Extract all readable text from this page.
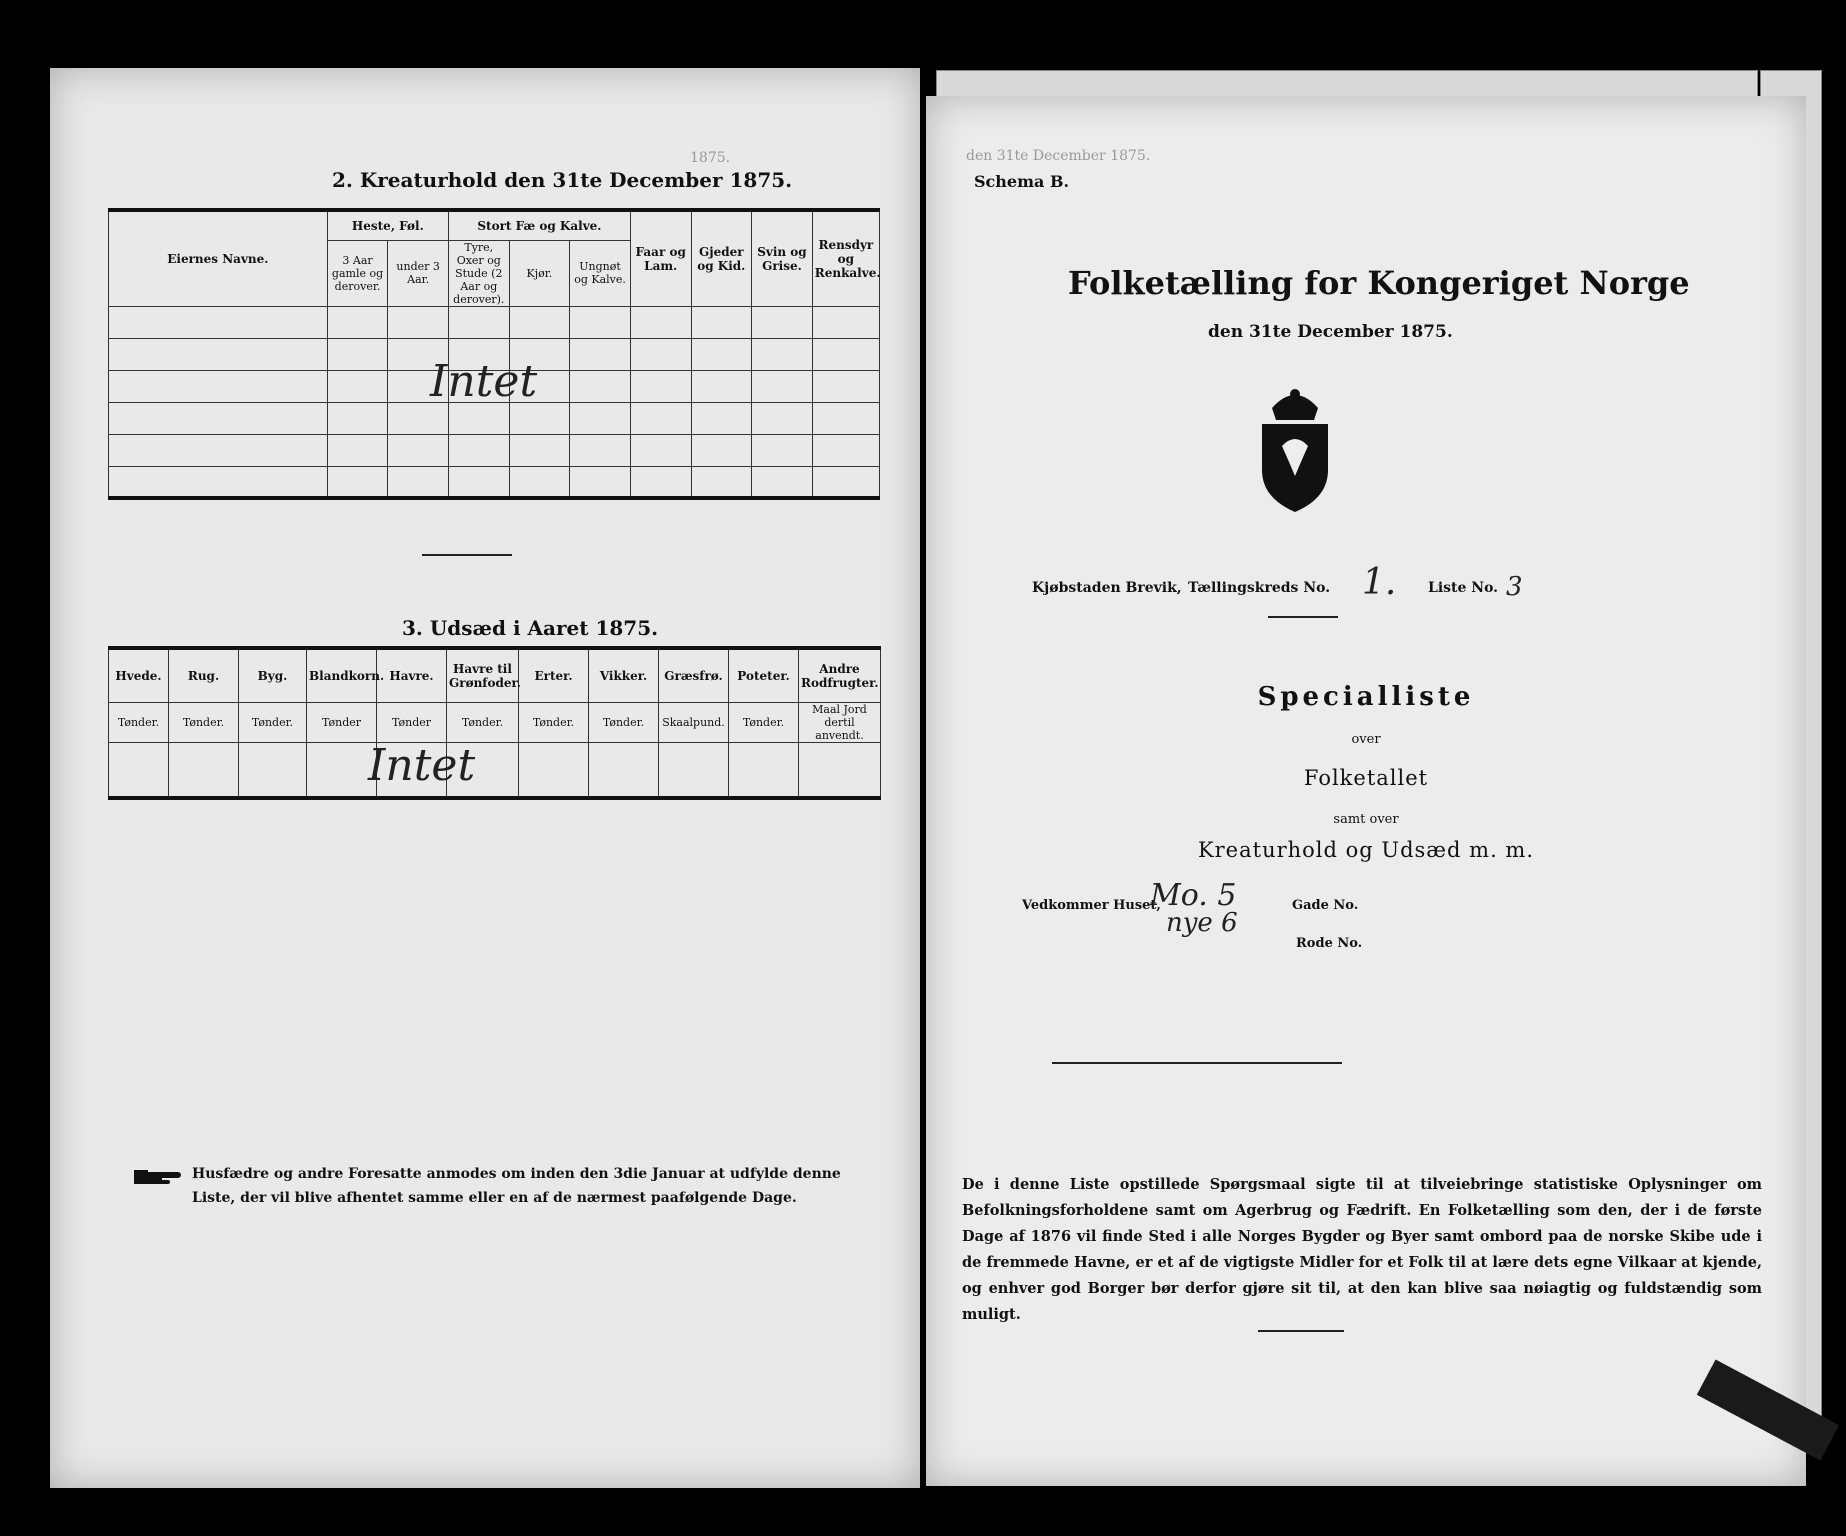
1875.
2. Kreaturhold den 31te December 1875.
Eiernes Navne.	Heste, Føl.		Stort Fæ og Kalve.			Faar og Lam.	Gjeder og Kid.	Svin og Grise.	Rensdyr og Renkalve.
	3 Aar gamle og derover.	under 3 Aar.	Tyre, Oxer og Stude (2 Aar og derover).	Kjør.	Ungnøt og Kalve.				

Intet
3. Udsæd i Aaret 1875.
Hvede.	Rug.	Byg.	Blandkorn.	Havre.	Havre til Grønfoder.	Erter.	Vikker.	Græsfrø.	Poteter.	Andre Rodfrugter.
Tønder.	Tønder.	Tønder.	Tønder	Tønder	Tønder.	Tønder.	Tønder.	Skaalpund.	Tønder.	Maal Jord dertil anvendt.

Intet
Husfædre og andre Foresatte anmodes om inden den 3die Januar at udfylde denne Liste, der vil blive afhentet samme eller en af de nærmest paafølgende Dage.
den 31te December 1875.
Schema B.
Folketælling for Kongeriget Norge
den 31te December 1875.
Kjøbstaden Brevik, Tællingskreds No. 1. Liste No. 3
Specialliste
over
Folketallet
samt over
Kreaturhold og Udsæd m. m.
Vedkommer Huset,
Mo. 5
nye 6
Gade No.
Rode No.
De i denne Liste opstillede Spørgsmaal sigte til at tilveiebringe statistiske Oplysninger om Befolkningsforholdene samt om Agerbrug og Fædrift. En Folketælling som den, der i de første Dage af 1876 vil finde Sted i alle Norges Bygder og Byer samt ombord paa de norske Skibe ude i de fremmede Havne, er et af de vigtigste Midler for et Folk til at lære dets egne Vilkaar at kjende, og enhver god Borger bør derfor gjøre sit til, at den kan blive saa nøiagtig og fuldstændig som muligt.
